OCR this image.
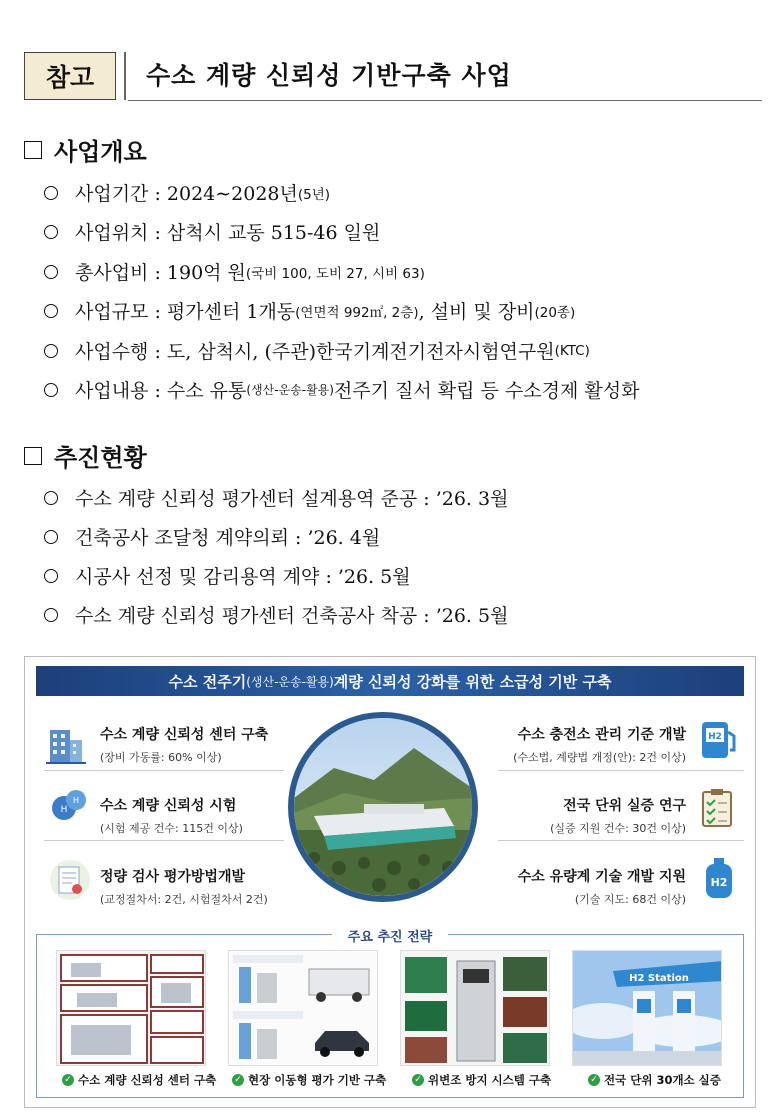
참고	수소 계량 신뢰성 기반구축 사업
사업개요
사업기간 : 2024∼2028년 (5년)
사업위치 : 삼척시 교동 515-46 일원
총사업비 : 190억 원 (국비 100, 도비 27, 시비 63)
사업규모 : 평가센터 1개동 (연면적 992㎡, 2층) , 설비 및 장비 (20종)
사업수행 : 도, 삼척시, (주관)한국기계전기전자시험연구원 (KTC)
사업내용 : 수소 유통 (생산-운송-활용) 전주기 질서 확립 등 수소경제 활성화
추진현황
수소 계량 신뢰성 평가센터 설계용역 준공 : ’26. 3월
건축공사 조달청 계약의뢰 : ’26. 4월
시공사 선정 및 감리용역 계약 : ’26. 5월
수소 계량 신뢰성 평가센터 건축공사 착공 : ’26. 5월
수소 전주기 (생산-운송-활용) 계량 신뢰성 강화를 위한 소급성 기반 구축
수소 계량 신뢰성 센터 구축
(장비 가동률: 60% 이상)
H
H 수소 계량 신뢰성 시험
(시험 제공 건수: 115건 이상)
정량 검사 평가방법개발
(교정절차서: 2건, 시험절차서 2건)
수소 충전소 관리 기준 개발
(수소법, 계량법 개정(안): 2건 이상)
H2
전국 단위 실증 연구
(실증 지원 건수: 30건 이상)
수소 유량계 기술 개발 지원
(기술 지도: 68건 이상)
H2
주요 추진 전략
✓ 수소 계량 신뢰성 센터 구축 ✓ 현장 이동형 평가 기반 구축	✓ 위변조 방지 시스템 구축
H2 Station
✓ 전국 단위 30개소 실증
